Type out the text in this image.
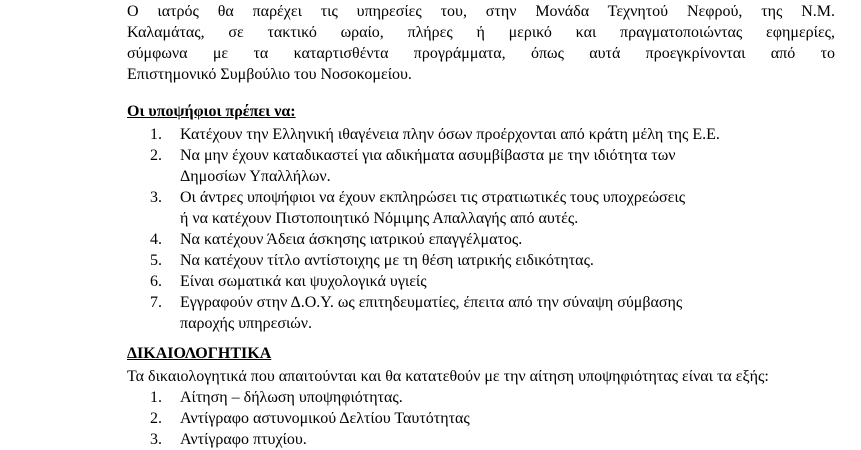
Ο ιατρός θα παρέχει τις υπηρεσίες του, στην Μονάδα Τεχνητού Νεφρού, της Ν.Μ.
Καλαμάτας, σε τακτικό ωραίο, πλήρες ή μερικό και πραγματοποιώντας εφημερίες,
σύμφωνα με τα καταρτισθέντα προγράμματα, όπως αυτά προεγκρίνονται από το
Επιστημονικό Συμβούλιο του Νοσοκομείου.
Οι υποψήφιοι πρέπει να:
1. Κατέχουν την Ελληνική ιθαγένεια πλην όσων προέρχονται από κράτη μέλη της Ε.Ε.
2. Να μην έχουν καταδικαστεί για αδικήματα ασυμβίβαστα με την ιδιότητα των
Δημοσίων Υπαλλήλων.
3. Οι άντρες υποψήφιοι να έχουν εκπληρώσει τις στρατιωτικές τους υποχρεώσεις
ή να κατέχουν Πιστοποιητικό Νόμιμης Απαλλαγής από αυτές.
4. Να κατέχουν Άδεια άσκησης ιατρικού επαγγέλματος.
5. Να κατέχουν τίτλο αντίστοιχης με τη θέση ιατρικής ειδικότητας.
6. Είναι σωματικά και ψυχολογικά υγιείς
7. Εγγραφούν στην Δ.Ο.Υ. ως επιτηδευματίες, έπειτα από την σύναψη σύμβασης
παροχής υπηρεσιών.
ΔΙΚΑΙΟΛΟΓΗΤΙΚΑ
Τα δικαιολογητικά που απαιτούνται και θα κατατεθούν με την αίτηση υποψηφιότητας είναι τα εξής:
1. Αίτηση – δήλωση υποψηφιότητας.
2. Αντίγραφο αστυνομικού Δελτίου Ταυτότητας
3. Αντίγραφο πτυχίου.
